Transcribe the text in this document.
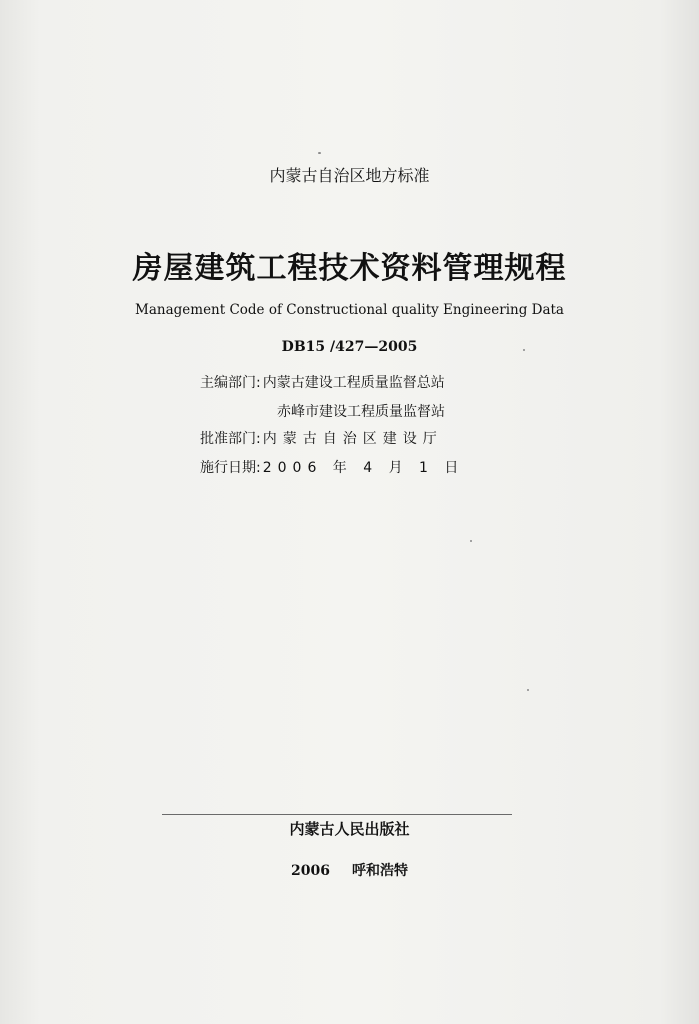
内蒙古自治区地方标准
房屋建筑工程技术资料管理规程
Management Code of Constructional quality Engineering Data
DB15 /427—2005
主编部门: 内蒙古建设工程质量监督总站
赤峰市建设工程质量监督站
批准部门: 内蒙古自治区建设厅
施行日期: 2006 年 4 月 1 日
内蒙古人民出版社
2006 呼和浩特
